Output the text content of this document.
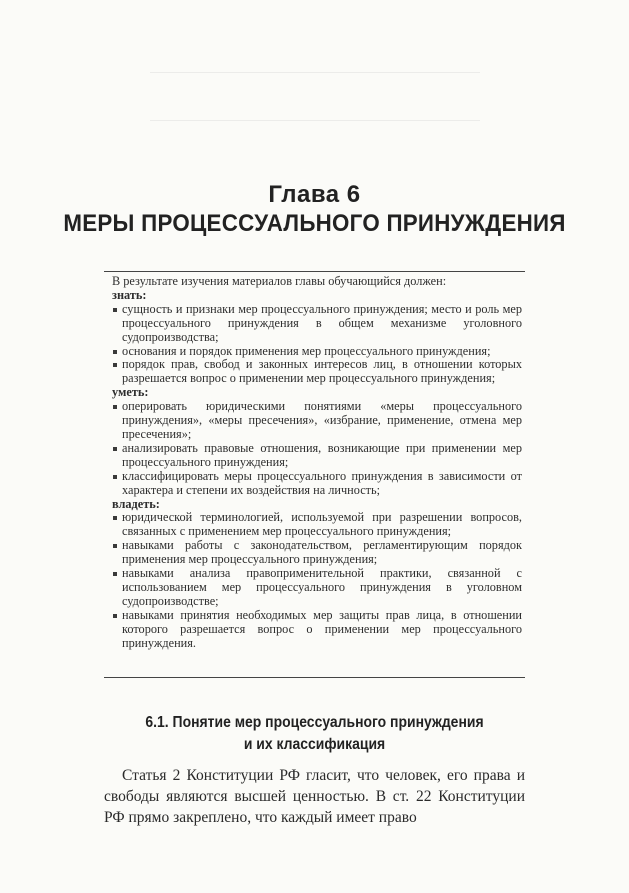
Глава 6
МЕРЫ ПРОЦЕССУАЛЬНОГО ПРИНУЖДЕНИЯ

В результате изучения материалов главы обучающийся должен:

знать:

сущность и признаки мер процессуального принуждения; место и роль мер процессуального принуждения в общем механизме уголовного судопроизводства;
основания и порядок применения мер процессуального принуждения;
порядок прав, свобод и законных интересов лиц, в отношении которых разрешается вопрос о применении мер процессуального принуждения;

уметь:

оперировать юридическими понятиями «меры процессуального принуждения», «меры пресечения», «избрание, применение, отмена мер пресечения»;
анализировать правовые отношения, возникающие при применении мер процессуального принуждения;
классифицировать меры процессуального принуждения в зависимости от характера и степени их воздействия на личность;

владеть:

юридической терминологией, используемой при разрешении вопросов, связанных с применением мер процессуального принуждения;
навыками работы с законодательством, регламентирующим порядок применения мер процессуального принуждения;
навыками анализа правоприменительной практики, связанной с использованием мер процессуального принуждения в уголовном судопроизводстве;
навыками принятия необходимых мер защиты прав лица, в отношении которого разрешается вопрос о применении мер процессуального принуждения.
6.1. Понятие мер процессуального принуждения
и их классификация

Статья 2 Конституции РФ гласит, что человек, его права и свободы являются высшей ценностью. В ст. 22 Конституции РФ прямо закреплено, что каждый имеет право
